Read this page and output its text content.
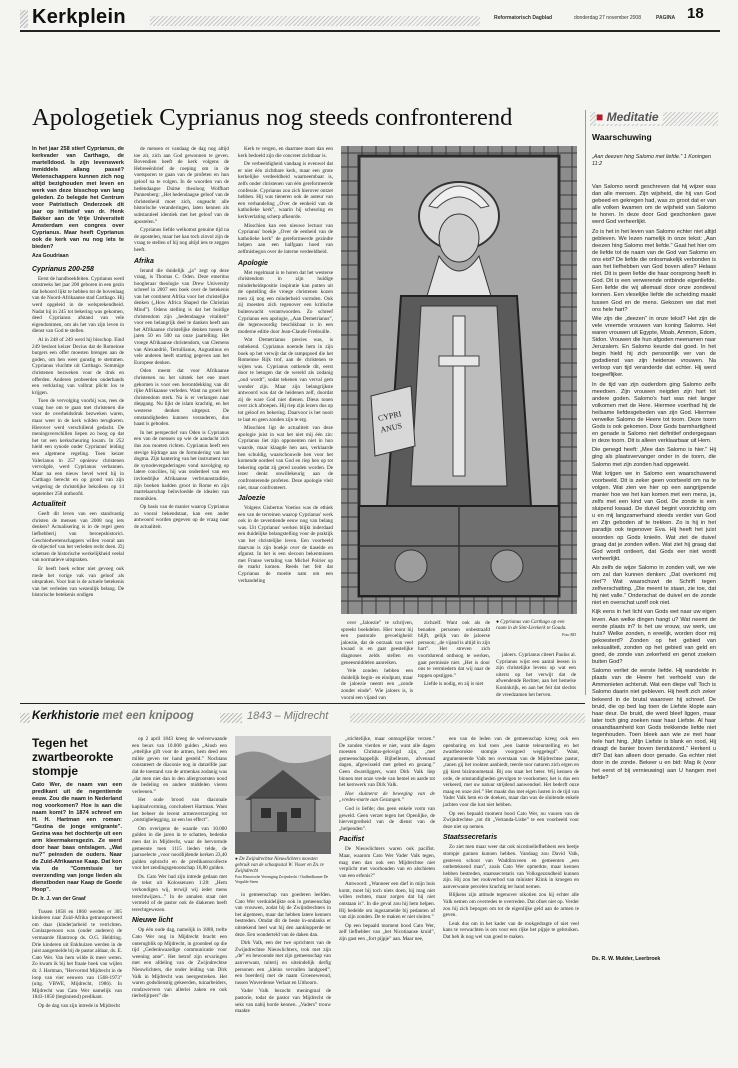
Kerkplein	Reformatorisch Dagblad	donderdag 27 november 2008	PAGINA 18
Apologetiek Cyprianus nog steeds confronterend

In het jaar 258 stierf Cyprianus, de kerkvader van Carthago, de martelldood. Is zijn levenswerk inmiddels allang passé? Wetenschappers kunnen zich nog altijd bezighouden met leven en werk van deze bisschop van lang geleden. Zo belegde het Centrum voor Patristisch Onderzoek dit jaar op initiatief van dr. Henk Bakker aan de Vrije Universiteit Amsterdam een congres over Cyprianus. Maar heeft Cyprianus ook de kerk van nu nog iets te bieden?

Aza Goudriaan

Cyprianus 200-258

Eerst de handboekfeiten. Cyprianus werd omstreeks het jaar 200 geboren in een gezin dat behoord lijkt te hebben tot de bovenlaag van de Noord-Afrikaanse stad Carthago. Hij werd opgeleid in de welsprekendheid. Nadat hij in 245 tot bekering was gekomen, deed Cyprianus afstand van vele eigendommen, om als het van zijn leven in dienst van God te stellen.

Al in 248 of 249 werd hij bisschop. Eind 249 besloot keizer Decius dat de Romeinse burgers een offer moesten brengen aan de goden, om hen weer gunstig te stemmen. Cyprianus vluchtte uit Carthago. Sommige christenen bezweken voor de druk en offerden. Anderen probeerden onderhands een verklaring van volbrat plicht los te krijgen.

Toen de vervolging voorbij was, rees de vraag hoe om te gaan met christenen die voor de overheidsdruk bezweken waren, maar weer in de kerk wilden terugkeren. Hierover werd verschillend gedacht. De meningsverschillen liepen zo hoog op dat het tot een kerkscheuring kwam. In 252 hield een synode onder Cyprianus' leiding een algemene regeling. Toen keizer Valerianus in 257 opnieuw christenen vervolgde, werd Cyprianus verbannen. Maar na een nieuw bevel werd hij in Carthago berecht en op grond van zijn weigering de christelijke bekollens op 14 september 258 onthoofd.

Actualiteit

Geeft dit leven van een standvastig christen de mensen van 2008 nog iets denken? Actualisering is in de regel geen liefhebberij van beroepshistorici. Geschiedwetenschappers willen vooral aan de objectief van het verleden recht doen. Zij schetsen de historische werkelijkheid veelal van normatieve uitspraken.

Er heeft hoek echter niet gevoeg ook mede het vorige vak van geloof als uitspraken. Voor hun is de actuele betekenis van het verleden van wezenlijk belang. De historische betekenis ondigen

de mensen er vandaag de dag nog altijd toe zit, zich aan God gewonnen te geven. Bovendien heeft de kerk volgens de Hebreeënbrief de roeping om in de voetsporen te gaan van de profeten en hun geloof na te volgen. In de woorden van de hedendaagse Duitse theoloog Wolfhart Pannenberg: „Het hedendaagse geloof van de christenheid moet zich, ongeacht alle historische veranderingen, laten kennen als substantieel identiek met het geloof van de apostelen.”

Cyprianus liefde welkomst genuine tijd na de apostelen, maar het kan toch zinvol zijn de vraag te stellen of hij nog altijd iets te zeggen heeft.

Afrika

Ierand die duidelijk „ja” zegt op deze vraag, is Thomas C. Oden. Deze emeritus hoogleraar theologie van Drew University schreef in 2007 een boek over de betekenis van het continent Afrika voor het christelijke denken („How Africa Shaped the Christian Mind”). Odens stelling is dat het huidige christendom zijn „hedendaagse vitaliteit” voor een belangrijk deel te danken heeft aan het Afrikaanse christelijke denken tussen de jaren 50 en 500 na onze jaartelling. Het vroege Afrikaanse christendom, van Clemens van Alexandrië, Tertullianus, Augustinus en vele anderen heeft starting gegeven aan het Europese denken.

Oden meent dat voor Afrikaanse christenen nu het uitstek het ene moet gekomen is voor een herontdekking van dit rijke Afrikaanse verleden. Want nu groeit het christendom sterk. Na is er verlangen naar diepgang. Nu lijkt de islam krachtig, en het westerse denken uitgeput. De omstandigheden kunnen veranderen, dus haast is geboden.

In het perspectief van Oden is Cyprianus een van de mensen op wie de aandacht zich dus zou moeten richten. Cyprianus heeft een stevige bijdrage aan de formulering van het dogma. Zijn kantering van het instrument van de synodevergaderingen vond navolging op latere concilies, hij was onderdeel van een invloedrijke Afrikaanse verbruunstraditie, zijn boeken hadden groot in Rome en zijn martelaarschap beïnvloedde de idealen van monnikien.

Op basis van de manier waarop Cyprianus zo vooral bekendstaat, kan een ander antwoord worden gegeven op de vraag naar de actualiteit.

Kerk te vergen, en daarmee moet dan een kerk bedoeld zijn die concreet zichtbaar is.

De verbeeldigheid vandaag is evenwel dat er niet één zichtbare kerk, maar een grote kerkelijke verdeeldheid waarneembaar is, zelfs onder christenen van één gereformeerde confessie. Cyprianus zou zich hierover ontzet hebben. Hij was tieneren ook de auteur van een verhandeling „Over de eenheid van de katholieke kerk”, waarin hij scheuring en kerkverlating scherp afkeurde.

Misschien kan een nieuwe lectuur van Cyprianus' boekje „Over de eenheid van de katholieke kerk” de gereformeerde gezindte helpen aan een halfgaan hoed van zelfmisbegon over de interne verdeeldheid.

Apologie

Met regelmaat is te horen dat het westerse christendom in zijn huidige minderheidspositie inspiratie kan putten uit de opstelling die vroege christenen kozen toen zij nog een minderheid vormden. Ook zij moesten zich tegenover een kritische buitenwacht verantwoorden. Zo schreef Cyprianus een apologie, „Aan Demetrianus”, die tegenwoordig beschikbaar is in een moderne editie door Jean-Claude Fredouille.

Wat Demetrianus precies was, is onbekend. Cyprianus noemde hem in zijn boek op het verwijt dat de rampspoed die het Romeinse Rijk trof, aan de christenen te wijten was. Cyprianus ontkende dit, eerst door te betogen dat de wereld als zodanig „oud wordt”, sodat tekenen van verval gem wonder zijn. Maar zijn belangrijkste antwoord was dat de heidenen zelf, doordat zij de ware God niet dienen. Dieus tonen over zich afroepen. Hij riep zijn lezers dus op tot geloof en bekering. Daarvoor is het nooit te laat en geen zonden zijn te erg.

Misschien ligt de actualiteit van deze apologie juist in wat het niet mij één zin: Cyprianus liet zijn opponenten niet in hun waarde, maar klaagde hen aan, verklaarde hen schuldig, waarschouwde hen voor het komende oordeel van God en riep hen op tot bekering opdat zij gered zouden worden. De lezer denkt onwillekeurig aan de confronterende profeten. Deze apologie vleit niet, maar confronteert.

Jaloezie

Volgens Gisbertus Voetius was de ethiek een van de terreinen waarop Cyprianus' werk ook in de zeventiende eeuw nog van belang was. Uit Cyprianus' werken blijkt inderdaad een duidelijke belangstelling voor de praktijk van het christelijke leven. Een voorbeeld daarvan is zijn boekje over de tiaseide en afgunst. In het is een slecoon bekentnissen met Franse vertaling van Michel Poirier op de markt komen. Reeds het feit dat Cyprianus de moeite nam om een verhandeling

CYPRI
ANUS

over „Jaloezie” te schrijven, spreekt boekdelen. Hier toont hij een pastorale gevoeligheid: jaloezie, dat de oorzaak van veel kwaad is en gaat geestelijke diagnoses zelds stellen en geneesmiddelen aanreiken.

Vele zonden hebben een duidelijk begin- en eindpunt, maar de jaloezie neemt een „zonde zonder einde”. Wie jaloers is, is vooral een vijand van

zichzelf. Want ook als de benaden personen onbestraafd blijft, gelijk van de jaloerse persoon; „de vijand is altijd in zijn hart”. Het streven zich voortdurend onthoog te werken, gaat permissie niet. „Het is door ons te vermiedern dat wij naar de toppen opstijgen.”

Liefde is nodig, en zij is niet

● Cyprianus van Carthago op een raam in de Sint-Lievkerk te Gouda.
Foto RD

jaloers. Cyprianus citeert Paulus al. Cyprianus wijst een aantal leesen in zijn christelijke levens op wat een uiterst op het verwijt dat de afwendende Rechter, aan het hemelse Koninkrijk, en aan het feit dat slechts de vreedzamen het berven.

■ Meditatie
Waarschuwing
„Aan deezen hing Salomo met liefde.” 1 Koningen 11:2

Van Salomo wordt geschreven dat hij wijzer was dan alle mensen. Zijn wijsheid, die hij van God gebeed en gekregen had, was zo groot dat er van alle volken kwamen om de wijsheid van Salomo te horen. In deze door God geschonken gave werd God verheerlijkt.

Zo is het in het leven van Salomo echter niet altijd gebleven. We lezen namelijk in onze tekst: „Aan deezen hing Salomo met liefde.” Gaat het hier om de liefde tot de naam van de God van Salomo en ons eist? De liefde die onlosmakelijk verbonden is aan het liefhebben van God boven alles? Helaas niet. Dit is geen liefde die haar oorsprong heeft in God. Dit is een verwerende ontbinde eigenliefde. Een liefde die wij allemaal door onze zondeval kennen. Een vleselijke liefde die scheiding maakt tussen God en de mens. Gekozen we dat met ons hele hart?

Wie zijn die „deezen” in onze tekst? Het zijn de vele vreemde vrouwen van koning Salomo. Het waren vrouwen uit Egypte, Moab, Ammon, Edom, Sidon. Vrouwen die hun afgoden meenamen naar Jeruzalem. En Salomo keurde dat goed. In het begin hield hij zich persoonlijk ver van de godsdienst van zijn heidense vrouwen. Na verloop van tijd veranderde dat echter. Hij werd toegeeflijker.

In de tijd van zijn ouderdom ging Salomo zelfs meedoen. Zijn vrouwen neigden zijn hart tot andere goden. Salomo's hart was niet langer volkomen met de Here. Hiermee voerthad hij de heilsame liefdesgebeden van zijn God. Hiermee verwelke Salomo de Heere tot toorn. Deze toorn Gods is ook gekomen. Door Gods barmhartigheid en genade is Salomo niet definitief ondergegaan in deze toorn. Dit is alleen verklaarbaar uit Hem.

Die genegd heeft: „Mee dan Salomo is hier.” Hij ging als plaatsvervanger onder in de toorn, die Salomo met zijn zonden had opgewekt.

Wat krijgen we in Salomo een waarschuwend voorbeeld. Dit is zeker geen voorbeeld om na te volgen. Wat zien we hier op een aangrijpende manier hoe we het kan komen met een mens, ja, zelfs met een kind van God. De zonde is een sluipend kwaad. De duivel begint voorzichtig om u en mij langzamerhand steeds verder van God en Zijn geboden af te trekken. Zo is hij in het paradijs ook tegenover Eva. Hij heeft het juist woorden op Gods knieën. Wat ziet de duivel graag dat je zonden willen. Wat ziet hij graag dat God wordt ontleert, dat Gods eer niet wordt verheerlijkt.

Als zelfs de wijze Salomo in zonden valt, we wie om zal dan kunnen denken: „Dat overkomt mij niet”? Wat waarschuwt de Schrift tegen zelfverschatting. „Die meent te staan, zie toe, dat hij niet valle.” Onderschat de duivel en de zonde niet en overschat uzelf ook niet.

Kijk eens in het licht van Gods wet naar uw eigen leven. Aan welke dingen hangt u? Wat neemt de eerste plaats in? Is het uw vrouw, uw werk, uw huis? Welke zonden, n ereelijk, worden door mij gekoesterd? Zonden op het gebied van seksualiteit, zonden op het gebied van geld en goed, de zonde van zekerheid en genot zoeken buiten God?

Salomo verliet de eerste liefde. Hij wandelde in plaats van de Heere het verhoeld van de Ammonieten achteruit. Wat een diepe val! Toch is Salomo daarin niet gebleven. Hij heeft zich zeker bekeerd in de brutal waarover hij schreef. De bruid, die op bed lag toen de Liefste klopte aan haar deur. De bruid, die werd bleef liggen, maar later toch ging zoeken naar haar Liefste. Al haar onaandtaamheid kon Gods trekkende liefde niet tegenhouden. Toen bleek aan wie ze met haar hele hart hing. „Mijn Liefste is blank en rood, Hij draagt de banier boven tienduizend.” Herkent u dit? Dat kan alleen door genade. Ga echter niet door in de zonde. Bekeer u en bid: Mag ik (voor het eerst of bij vernieuwing) aan U hangen met liefde?

Ds. R. W. Mulder, Leerbroek
Kerkhistorie met een knipoog	1843 – Mijdrecht
Tegen het zwartbeorokte stompje

Cato Wer, de naam van een predikant uit de negentiende eeuw. Zou die naam in Nederland nog voorkomen? Hoe is aan die naam komt? In 1874 schreef em H. H. Hartman een roman: "Gezina de jonge emigrante". Gezina was het dochtertje uit een arm kleermakersgezin. Ze werd door haar baas ontslagen. „Wat nu?” peinsden de ouders. Naar de Zuid-Afrikaanse Kaap. Dat kon via de "Commissie ter overzending van jonge lieden als dienstboden naar Kaap de Goede Hoop".

Dr. Ir. J. van der Graaf

Tussen 1858 en 1860 werden er 305 kinderen naar Zuid-Afrika getransporteerd om daar (kinder)arbeid te verrichten. Conlazpersoon was (onder anderen) de vermaarde filantroop ds. O.G. Heldring. Drie kinderen uit Enkhuizen werden in de juist aangemelde bij de pastor aldaar, ds. E. Cato Wer. Van hem wilde ik meer weten. Zo kwam ik bij het fraaie boek van wijlen dr. J. Hartman, "Hervormd Mijdrecht in de loop van vier eeuwen van 1568-1973" (uitg. VBWE, Mijdrecht, 1986). In Mijdrecht was Cato Wer namelijk van 1843-1850 (beginnend) predikant.

Op de dag van zijn intrede in Mijdrecht

op 2 april 1843 kreeg de welverwaande een beurs van 10.000 gulden „Ainsb een „ettelijke gift voor de armen, hem deed een milde geven ter hand gesteld.” Nochtans constateert de diaconie nog in datzelfde jaar dat de toestand van de armenkas zodanig was „dat men niet dan in den allergrootsten nood de bedeling en andere middelen vieren verleenen.”

Het oude brood van diaconale kapitaalvorming, concludeert Hartman. Want het beheer de lecent armenverzorging tot „ontstigbelegging, zo een los effect”.

Om overigens de waarde van 10.000 gulden in die jaren in te schatten, bedenke men dat in Mijdrecht, waar de hervormde gemeente toen 1115 lieden telde, de jaarsoelecte „voor noodlijdende kerken 23,40 gulden opbracht en de predikantscollecte voor het zendingsgenootschap 16,80 gulden.

Ds. Cato Wer had zijn intrede gedaan met de tekst uit Kolossenzen 1:28: „Hem verkondigen wij, terwijl wij ieder mens terechtwijzen...” In de annalen staat niet vermeld of de pastor ook de diakenen heeft terechtgewezen.

Nieuwe licht

Op één oude dag, namelijk in 1888, trefte Cato Wer nog in Mijdrecht bracht een onterugblik op Mijdrecht, in grootdeel op die tijd „Gedenkwaardige communicatie voor weening ante”. Het betrof zijn ervaringen met een afdeling van de Zwijndrechtse Nieuwlichters, die onder leiding van Dirk Valk in Mijdrecht was neergestreken. Het waren godsdienstig gekeerden, tuinarbeiders, rondzwervers van allerlei zaken en ook tierbelijrpers” die

● De Zwijndrechtse Nieuwlichters moesten gebruik van de schaapsstal W. Visser en Zn. te Zwijndrecht
Foto Historische Vereniging Zwijndrecht / Oudheidkamer De Vergulde Steen

in gemeenschap van goederen leefden. Cato Wer verduidelijkte ook in gemeenschap van vrouwen, zodat bij de Zwijndrechters in het algemeen, maar dat hebben latere kenners bestreden. Omdat dit de beste in-ondanks er uitstekend heel wat hij den aanklopperde ter deze. Een wonderteld van de daken dan.

Dirk Valk, een der twe oprichters van de Zwijndrechtse Nieuwlichters, trok met zijn „de” en bewoonde met zijn gemeenschap van aanverwant, tuiterij en uiteindelijk derfig personen een „kleins vervallen landgoed”, een boerderij met de naam Groeneweoud, tussen Waverdense Verlaat en Uithoorn.

Vader Valk bezocht meningmal de pastorie, todat de pastor van Mijdrecht de seks van nabij horde kennen. „Vaders” trouw maakte

„stichtelijke, maar onmogelijke verzen.” De zonden vierden er niet, want alle dagen moesten Christus-gelovigd zijn, „met gemeenschappelijk Bijbellezen, afvennad dagen, afgewisseld met gebed en gezang.” Geen dwarsliggers, want Dirk Valk liep binnen met onze vrede van hemel en aarde tot het kernwerk van Dirk Valk.

Hoe sluimerst de beweging van de „vredes-marte aan Gezangen.”

God is liefde; dus geen enkele vorm van geweld. Geen verzet tegen het Openlijke, de hiervergrotheid van de dienst van de „helpenden”.

Pacifist

De Nieuwlichters waren ook pacifist. Maar, waarom Cato Wer Vader Valk tegen, mag men dan ook een Mijdrechtse niet verplicht met voorhouden van en alschieten van een erfenis?”

Antwoord: „Wanneer een dief in mijn huis komt, moet hij toch niets doen, hij mag niet willen rechten, maar zorgen dat hij niet ontstaan is”. In die geval zou hij hem helpen. Hij bedelde om ingezamelde bij pedanten of van zijn zonden. De te maken er niet sluiten.”

Op een bepaald moment bood Cato Wer, zelf liefhebber van „het Nicotiaanse kruid”, zijn gast een „fort pijpje” aan. Maar nee,

een van de leden van de gemeenschap kreeg ook een openbaring en had toen „een laatste teleurstelling en het zwartbeorokte stompje voorgoed weggelegd”. Want, argumenteerde Valk ten overstaan van de Mijdrechtse pastor, „tanen gij het rookten aanbiedt, teerde toor naturen zich ergen en gij kiest bizintonmetaal. Bij ons staat het beter. Wij kennen de orde, de omstandigheden gevolgen te voorkomen; het is dus een verkeerd, met uw natuur strijdend aanwendsel. Het bederft onze maag en onze ziel.” Het maakt dus met eigen lusten in de tijd van Vader Valk hem en de doeken, maar dan was de sluitende enkele jachten voor die lust niet hebben.

Op een bepaald moment bood Cato Wer, nu vuuren van de Zwijndrechtse „tot dit „Vertanda-Lisbe” te een voorbeeld voor deze niet op nemen.

Staatssecretaris

Zo ziet men maar weer dat ook nicotineliefhebbers een beetje stompje gunnen kunnen hebben. Vandaag zou David Valk, gesteven schoot van Waddinxveen en gemeenten „een ontbeteknend man”, zoals Cato Wer opmerkte, maar kennen hebben bestreden, staatssecretaris van Volksgezondheid kunnen zijn. Hij zou het rookverbod van minister Klink in kroegen en aanverwante percelen krachtig ter hand nemen.

Blijkens zijn attitude tegenover nikotien zou hij echter alle Valk nemen om overredes te overreden. Dat ofnet niet op. Verder zou hij zich bepogen om tot de eigenlijke geld aan de armen te geven.

Leuk dus om in het kader van de rookgedragte of niet veel kans te verwachten is om voor een rijke het pijpje te gebruiken. Dat heb ik nog wel van goed te maken.
